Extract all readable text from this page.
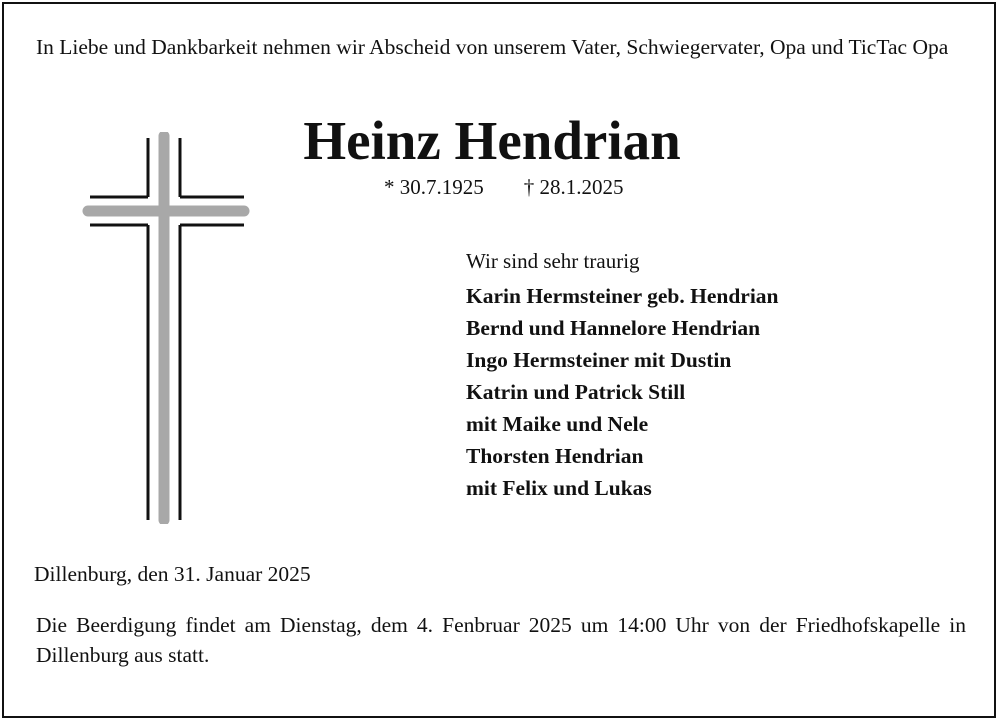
In Liebe und Dankbarkeit nehmen wir Abscheid von unserem Vater, Schwiegervater, Opa und TicTac Opa
Heinz Hendrian
* 30.7.1925 † 28.1.2025
Wir sind sehr traurig
Karin Hermsteiner geb. Hendrian
Bernd und Hannelore Hendrian
Ingo Hermsteiner mit Dustin
Katrin und Patrick Still
mit Maike und Nele
Thorsten Hendrian
mit Felix und Lukas
Dillenburg, den 31. Januar 2025
Die Beerdigung findet am Dienstag, dem 4. Fenbruar 2025 um 14:00 Uhr von der Friedhofskapelle in Dillenburg aus statt.
